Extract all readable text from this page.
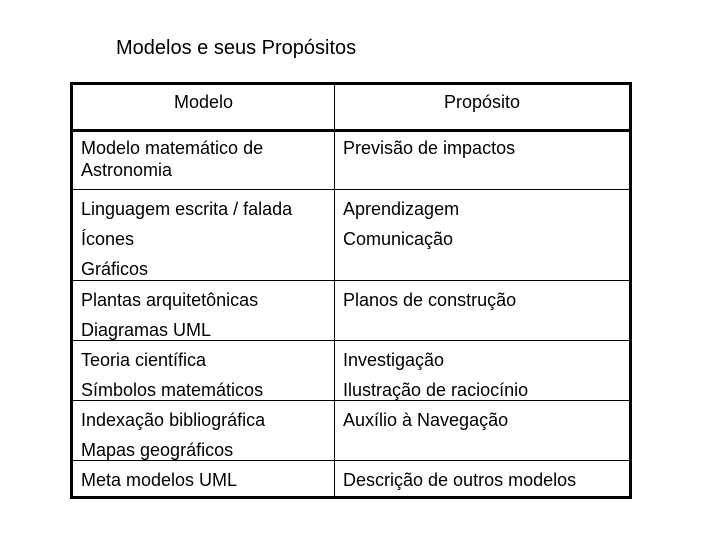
Modelos e seus Propósitos
Modelo	Propósito
Modelo matemático de Astronomia
Previsão de impactos
Linguagem escrita / falada
Ícones
Gráficos
Aprendizagem
Comunicação
Plantas arquitetônicas
Diagramas UML
Planos de construção
Teoria científica
Símbolos matemáticos
Investigação
Ilustração de raciocínio
Indexação bibliográfica
Mapas geográficos
Auxílio à Navegação
Meta modelos UML	Descrição de outros modelos
